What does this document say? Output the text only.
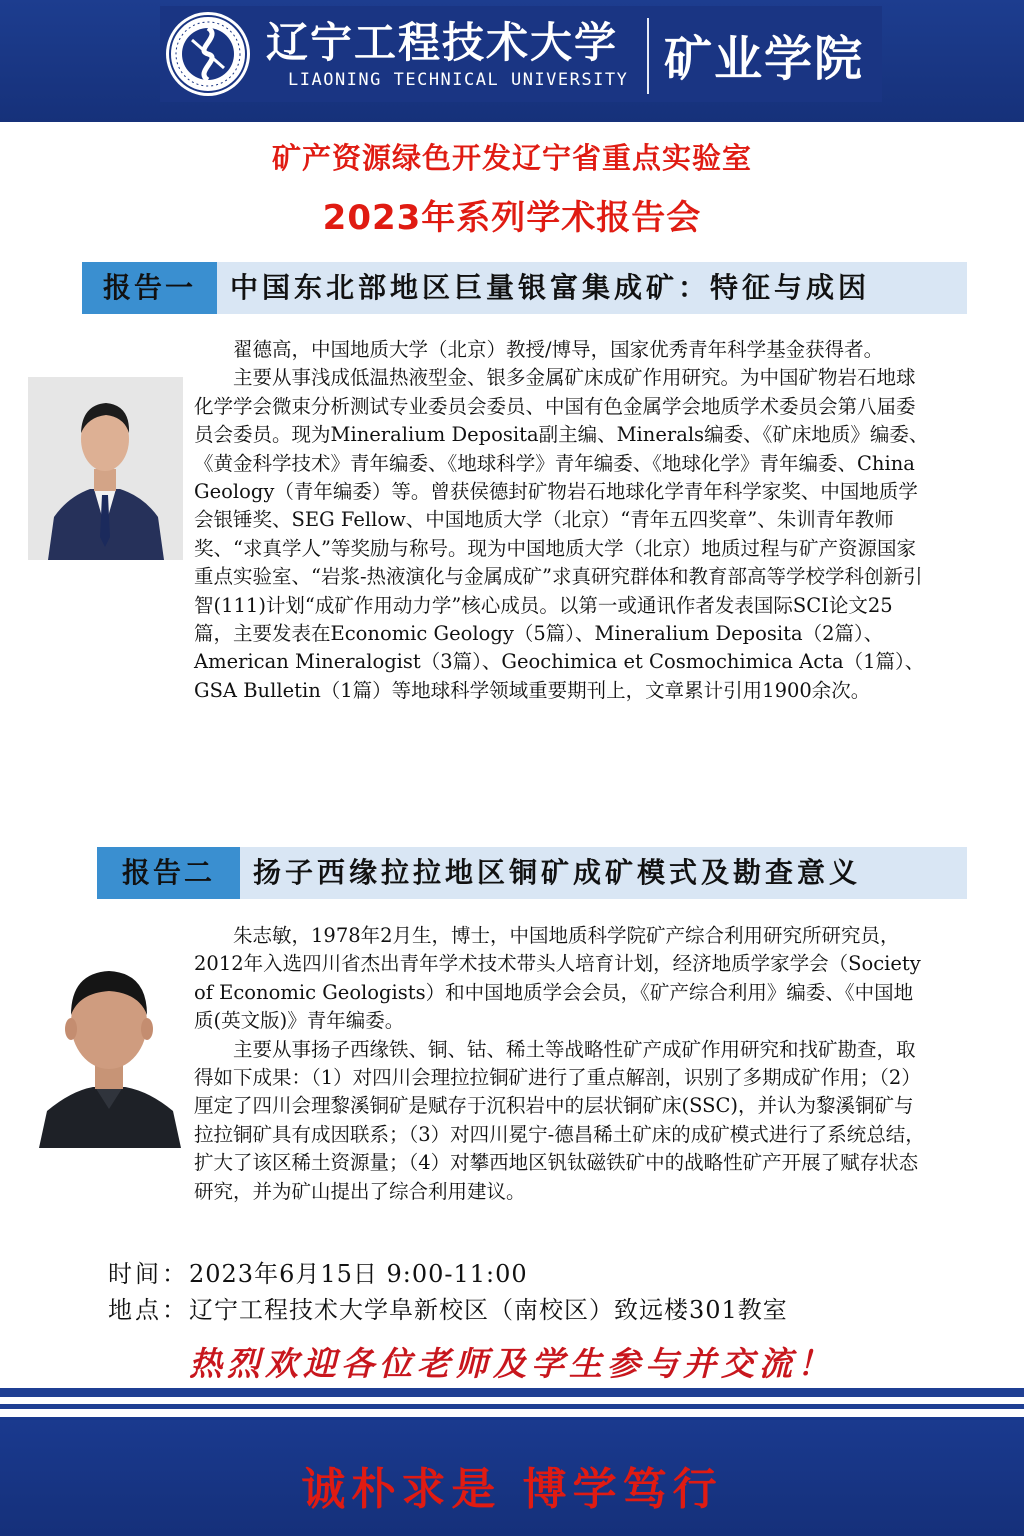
辽宁工程技术大学
LIAONING TECHNICAL UNIVERSITY 矿业学院
矿产资源绿色开发辽宁省重点实验室
2023年系列学术报告会
报告一	中国东北部地区巨量银富集成矿：特征与成因

翟德高，中国地质大学（北京）教授/博导，国家优秀青年科学基金获得者。

主要从事浅成低温热液型金、银多金属矿床成矿作用研究。为中国矿物岩石地球化学学会微束分析测试专业委员会委员、中国有色金属学会地质学术委员会第八届委员会委员。现为Mineralium Deposita副主编、Minerals编委、《矿床地质》编委、《黄金科学技术》青年编委、《地球科学》青年编委、《地球化学》青年编委、China Geology（青年编委）等。曾获侯德封矿物岩石地球化学青年科学家奖、中国地质学会银锤奖、SEG Fellow、中国地质大学（北京）“青年五四奖章”、朱训青年教师奖、“求真学人”等奖励与称号。现为中国地质大学（北京）地质过程与矿产资源国家重点实验室、“岩浆-热液演化与金属成矿”求真研究群体和教育部高等学校学科创新引智(111)计划“成矿作用动力学”核心成员。以第一或通讯作者发表国际SCI论文25篇，主要发表在Economic Geology（5篇）、Mineralium Deposita（2篇）、American Mineralogist（3篇）、Geochimica et Cosmochimica Acta（1篇）、GSA Bulletin（1篇）等地球科学领域重要期刊上，文章累计引用1900余次。

报告二	扬子西缘拉拉地区铜矿成矿模式及勘查意义

朱志敏，1978年2月生，博士，中国地质科学院矿产综合利用研究所研究员，2012年入选四川省杰出青年学术技术带头人培育计划，经济地质学家学会（Society of Economic Geologists）和中国地质学会会员，《矿产综合利用》编委、《中国地质(英文版)》青年编委。

主要从事扬子西缘铁、铜、钴、稀土等战略性矿产成矿作用研究和找矿勘查，取得如下成果：（1）对四川会理拉拉铜矿进行了重点解剖，识别了多期成矿作用；（2）厘定了四川会理黎溪铜矿是赋存于沉积岩中的层状铜矿床(SSC)，并认为黎溪铜矿与拉拉铜矿具有成因联系；（3）对四川冕宁-德昌稀土矿床的成矿模式进行了系统总结，扩大了该区稀土资源量；（4）对攀西地区钒钛磁铁矿中的战略性矿产开展了赋存状态研究，并为矿山提出了综合利用建议。

时间：2023年6月15日 9:00-11:00
地点：辽宁工程技术大学阜新校区（南校区）致远楼301教室
热烈欢迎各位老师及学生参与并交流！
诚朴求是 博学笃行
